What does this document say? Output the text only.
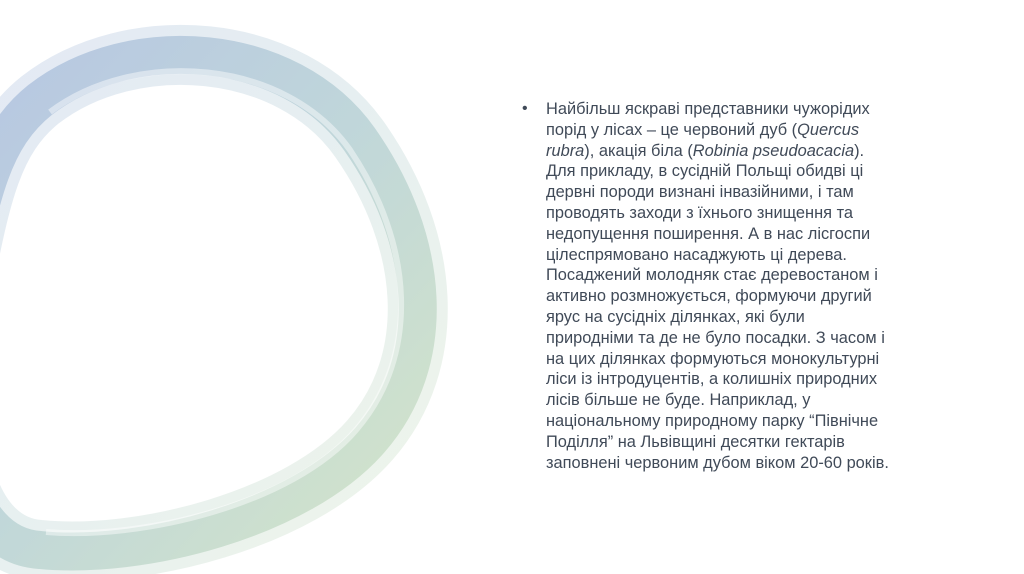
•	Найбільш яскраві представники чужорідих
порід у лісах – це червоний дуб (Quercus
rubra), акація біла (Robinia pseudoacacia).
Для прикладу, в сусідній Польщі обидві ці
дервні породи визнані інвазійними, і там
проводять заходи з їхнього знищення та
недопущення поширення. А в нас лісгоспи
цілеспрямовано насаджують ці дерева.
Посаджений молодняк стає деревостаном і
активно розмножується, формуючи другий
ярус на сусідніх ділянках, які були
природніми та де не було посадки. З часом і
на цих ділянках формуються монокультурні
ліси із інтродуцентів, а колишніх природних
лісів більше не буде. Наприклад, у
національному природному парку “Північне
Поділля” на Львівщині десятки гектарів
заповнені червоним дубом віком 20-60 років.
